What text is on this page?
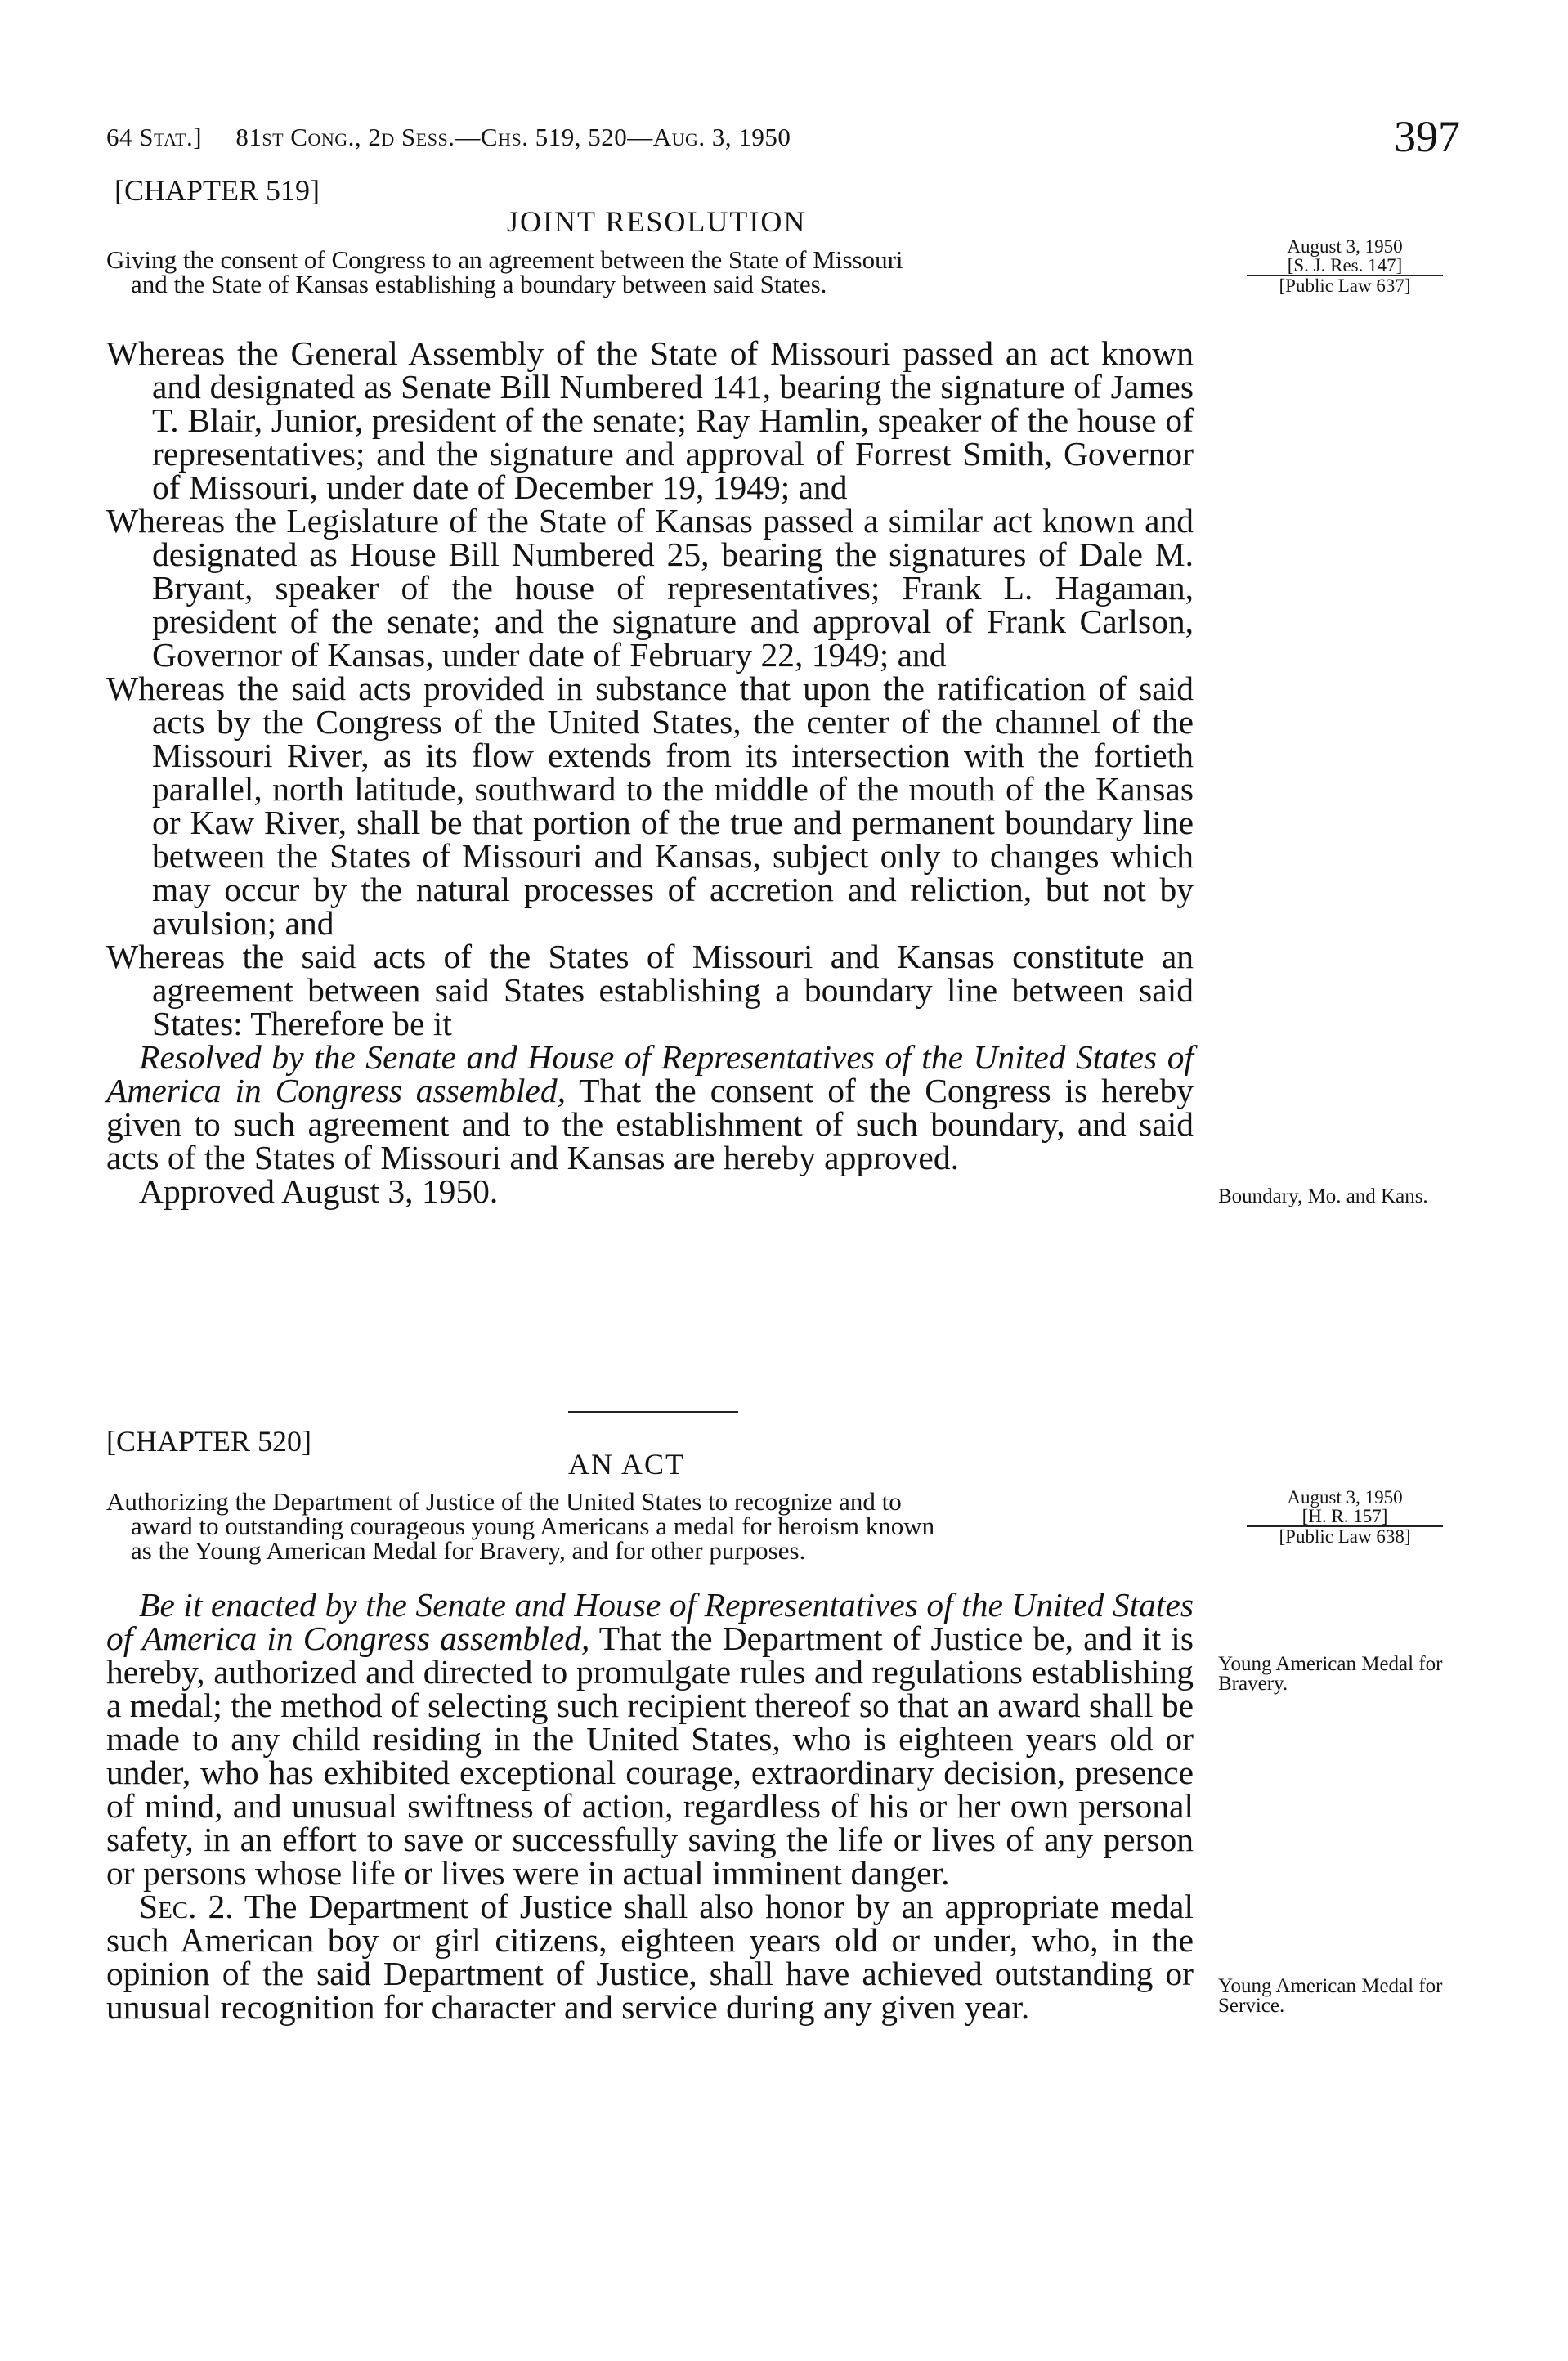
64 Stat.]     81st Cong., 2d Sess.—Chs. 519, 520—Aug. 3, 1950	397
[CHAPTER 519]
JOINT RESOLUTION
Giving the consent of Congress to an agreement between the State of Missouri
and the State of Kansas establishing a boundary between said States.
August 3, 1950
[S. J. Res. 147]
[Public Law 637]

Whereas the General Assembly of the State of Missouri passed an act known and designated as Senate Bill Numbered 141, bearing the signature of James T. Blair, Junior, president of the senate; Ray Hamlin, speaker of the house of representatives; and the signature and approval of Forrest Smith, Governor of Missouri, under date of December 19, 1949; and

Whereas the Legislature of the State of Kansas passed a similar act known and designated as House Bill Numbered 25, bearing the signatures of Dale M. Bryant, speaker of the house of representatives; Frank L. Hagaman, president of the senate; and the signature and approval of Frank Carlson, Governor of Kansas, under date of February 22, 1949; and

Whereas the said acts provided in substance that upon the ratification of said acts by the Congress of the United States, the center of the channel of the Missouri River, as its flow extends from its intersection with the fortieth parallel, north latitude, southward to the middle of the mouth of the Kansas or Kaw River, shall be that portion of the true and permanent boundary line between the States of Missouri and Kansas, subject only to changes which may occur by the natural processes of accretion and reliction, but not by avulsion; and

Whereas the said acts of the States of Missouri and Kansas constitute an agreement between said States establishing a boundary line between said States: Therefore be it

Resolved by the Senate and House of Representatives of the United States of America in Congress assembled, That the consent of the Congress is hereby given to such agreement and to the establishment of such boundary, and said acts of the States of Missouri and Kansas are hereby approved.

Approved August 3, 1950.	Boundary, Mo. and Kans.
[CHAPTER 520]
AN ACT
Authorizing the Department of Justice of the United States to recognize and to
award to outstanding courageous young Americans a medal for heroism known
as the Young American Medal for Bravery, and for other purposes.
August 3, 1950
[H. R. 157]
[Public Law 638]

Be it enacted by the Senate and House of Representatives of the United States of America in Congress assembled, That the Department of Justice be, and it is hereby, authorized and directed to promulgate rules and regulations establishing a medal; the method of selecting such recipient thereof so that an award shall be made to any child residing in the United States, who is eighteen years old or under, who has exhibited exceptional courage, extraordinary decision, presence of mind, and unusual swiftness of action, regardless of his or her own personal safety, in an effort to save or successfully saving the life or lives of any person or persons whose life or lives were in actual imminent danger.

Sec. 2. The Department of Justice shall also honor by an appropriate medal such American boy or girl citizens, eighteen years old or under, who, in the opinion of the said Department of Justice, shall have achieved outstanding or unusual recognition for character and service during any given year.

Young American Medal for Bravery.
Young American Medal for Service.
